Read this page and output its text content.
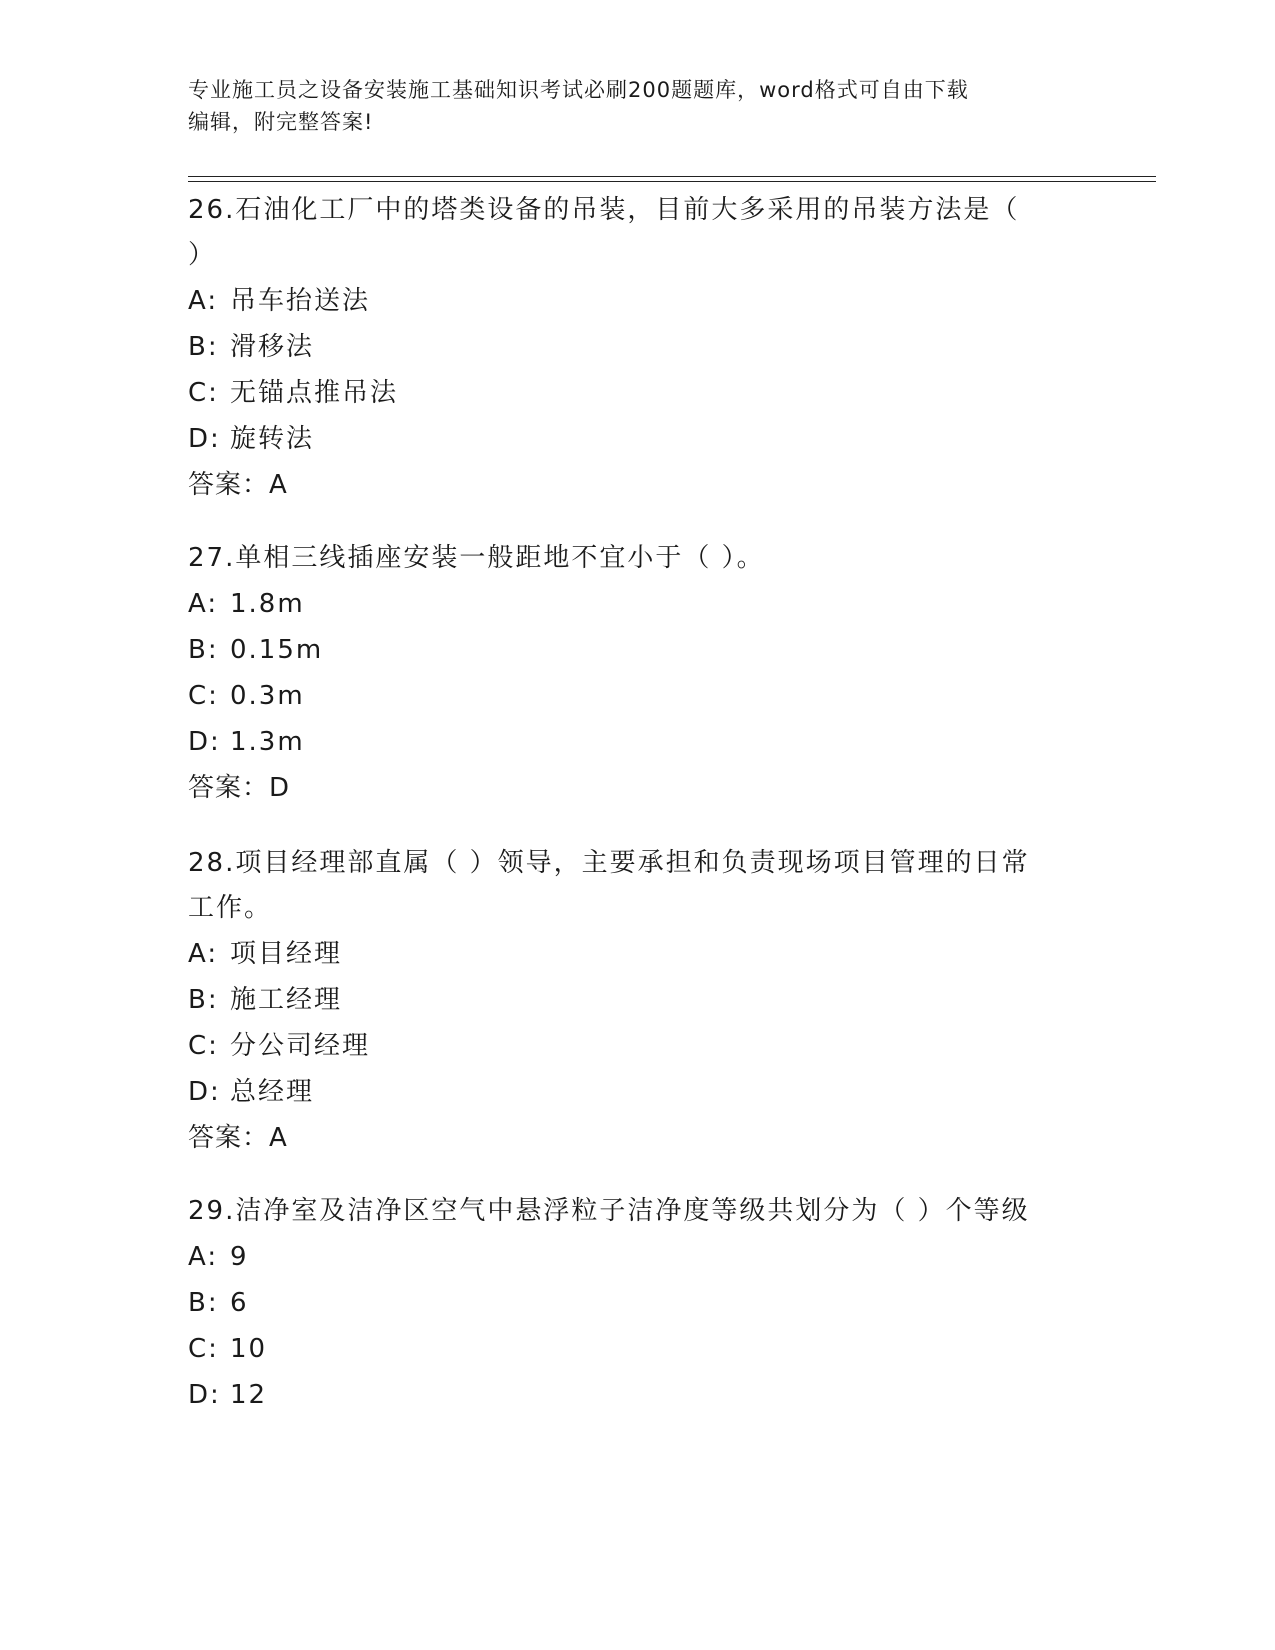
专业施工员之设备安装施工基础知识考试必刷200题题库，word格式可自由下载
编辑，附完整答案!

26.石油化工厂中的塔类设备的吊装，目前大多采用的吊装方法是（

）

A: 吊车抬送法

B: 滑移法

C: 无锚点推吊法

D: 旋转法

答案：A

27.单相三线插座安装一般距地不宜小于（ ）。

A: 1.8m

B: 0.15m

C: 0.3m

D: 1.3m

答案：D

28.项目经理部直属（ ）领导，主要承担和负责现场项目管理的日常

工作。

A: 项目经理

B: 施工经理

C: 分公司经理

D: 总经理

答案：A

29.洁净室及洁净区空气中悬浮粒子洁净度等级共划分为（ ）个等级

A: 9

B: 6

C: 10

D: 12
